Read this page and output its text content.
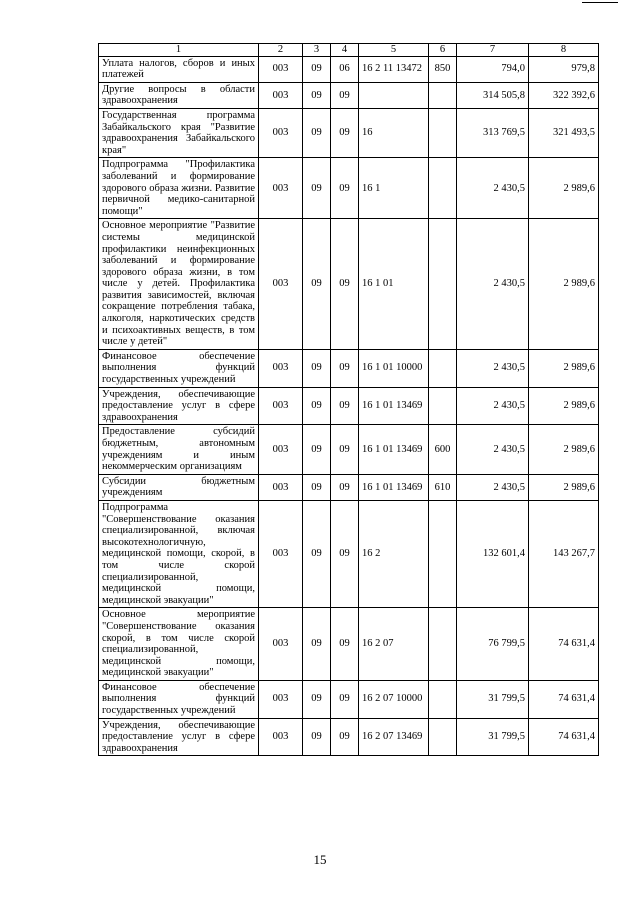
1	2	3	4	5	6	7	8
Уплата налогов, сборов и иных платежей	003	09	06	16 2 11 13472	850	794,0	979,8
Другие вопросы в области здравоохранения	003	09	09			314 505,8	322 392,6
Государственная программа Забайкальского края "Развитие здравоохранения Забайкальского края"	003	09	09	16		313 769,5	321 493,5
Подпрограмма "Профилактика заболеваний и формирование здорового образа жизни. Развитие первичной медико-санитарной помощи"	003	09	09	16 1		2 430,5	2 989,6
Основное мероприятие "Развитие системы медицинской профилактики неинфекционных заболеваний и формирование здорового образа жизни, в том числе у детей. Профилактика развития зависимостей, включая сокращение потребления табака, алкоголя, наркотических средств и психоактивных веществ, в том числе у детей"	003	09	09	16 1 01		2 430,5	2 989,6
Финансовое обеспечение выполнения функций государственных учреждений	003	09	09	16 1 01 10000		2 430,5	2 989,6
Учреждения, обеспечивающие предоставление услуг в сфере здравоохранения	003	09	09	16 1 01 13469		2 430,5	2 989,6
Предоставление субсидий бюджетным, автономным учреждениям и иным некоммерческим организациям	003	09	09	16 1 01 13469	600	2 430,5	2 989,6
Субсидии бюджетным учреждениям	003	09	09	16 1 01 13469	610	2 430,5	2 989,6
Подпрограмма "Совершенствование оказания специализированной, включая высокотехнологичную, медицинской помощи, скорой, в том числе скорой специализированной, медицинской помощи, медицинской эвакуации"	003	09	09	16 2		132 601,4	143 267,7
Основное мероприятие "Совершенствование оказания скорой, в том числе скорой специализированной, медицинской помощи, медицинской эвакуации"	003	09	09	16 2 07		76 799,5	74 631,4
Финансовое обеспечение выполнения функций государственных учреждений	003	09	09	16 2 07 10000		31 799,5	74 631,4
Учреждения, обеспечивающие предоставление услуг в сфере здравоохранения	003	09	09	16 2 07 13469		31 799,5	74 631,4
15
